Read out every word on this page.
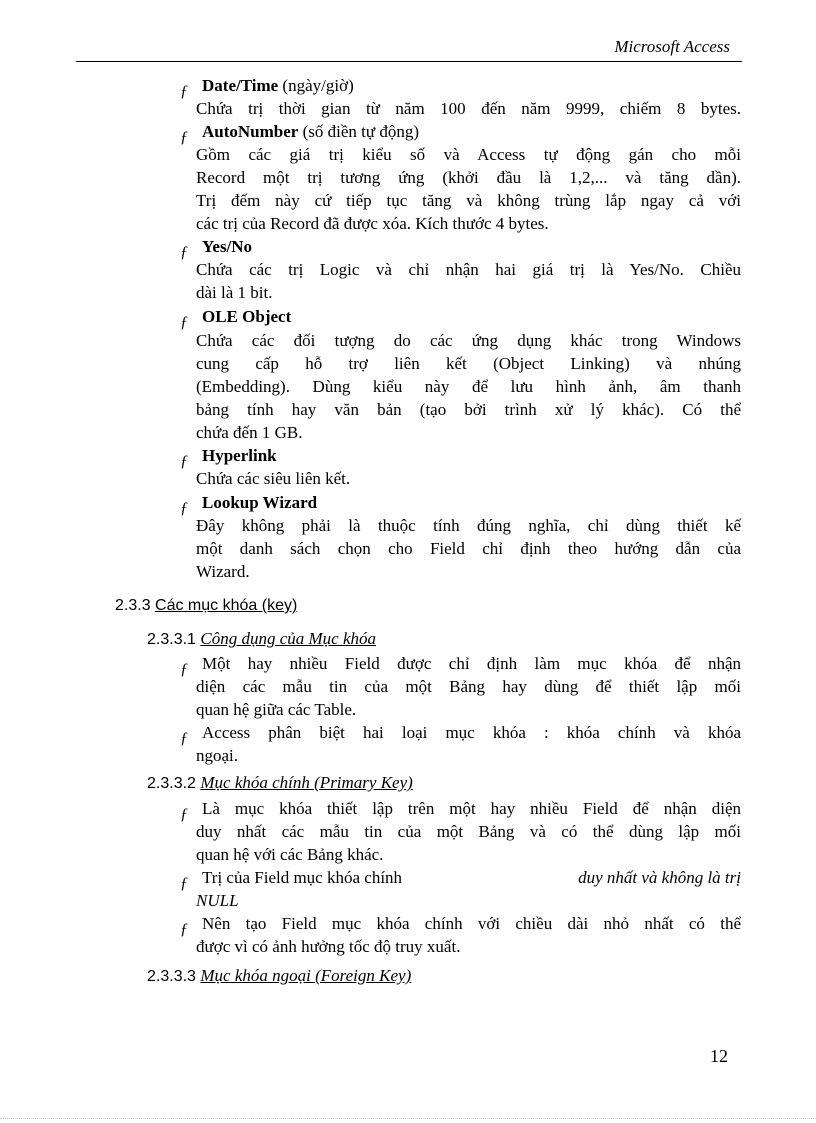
Microsoft Access
ƒ Date/Time (ngày/giờ)
Chứa trị thời gian từ năm 100 đến năm 9999, chiếm 8 bytes.
ƒ AutoNumber (số điền tự động)
Gồm các giá trị kiểu số và Access tự động gán cho mỗi
Record một trị tương ứng (khởi đầu là 1,2,... và tăng dần).
Trị đếm này cứ tiếp tục tăng và không trùng lắp ngay cả với
các trị của Record đã được xóa. Kích thước 4 bytes.
ƒ Yes/No
Chứa các trị Logic và chỉ nhận hai giá trị là Yes/No. Chiều
dài là 1 bit.
ƒ OLE Object
Chứa các đối tượng do các ứng dụng khác trong Windows
cung cấp hỗ trợ liên kết (Object Linking) và nhúng
(Embedding). Dùng kiểu này để lưu hình ảnh, âm thanh
bảng tính hay văn bản (tạo bởi trình xử lý khác). Có thể
chứa đến 1 GB.
ƒ Hyperlink
Chứa các siêu liên kết.
ƒ Lookup Wizard
Đây không phải là thuộc tính đúng nghĩa, chỉ dùng thiết kế
một danh sách chọn cho Field chỉ định theo hướng dẫn của
Wizard.
2.3.3 Các mục khóa (key)
2.3.3.1 Công dụng của Mục khóa
ƒ Một hay nhiều Field được chỉ định làm mục khóa để nhận
diện các mẫu tin của một Bảng hay dùng để thiết lập mối
quan hệ giữa các Table.
ƒ Access phân biệt hai loại mục khóa : khóa chính và khóa
ngoại.
2.3.3.2 Mục khóa chính (Primary Key)
ƒ Là mục khóa thiết lập trên một hay nhiều Field để nhận diện
duy nhất các mẫu tin của một Bảng và có thể dùng lập mối
quan hệ với các Bảng khác.
ƒ Trị của Field mục khóa chính	duy nhất và không là trị
NULL
ƒ Nên tạo Field mục khóa chính với chiều dài nhỏ nhất có thể
được vì có ảnh hưởng tốc độ truy xuất.
2.3.3.3 Mục khóa ngoại (Foreign Key)
12
